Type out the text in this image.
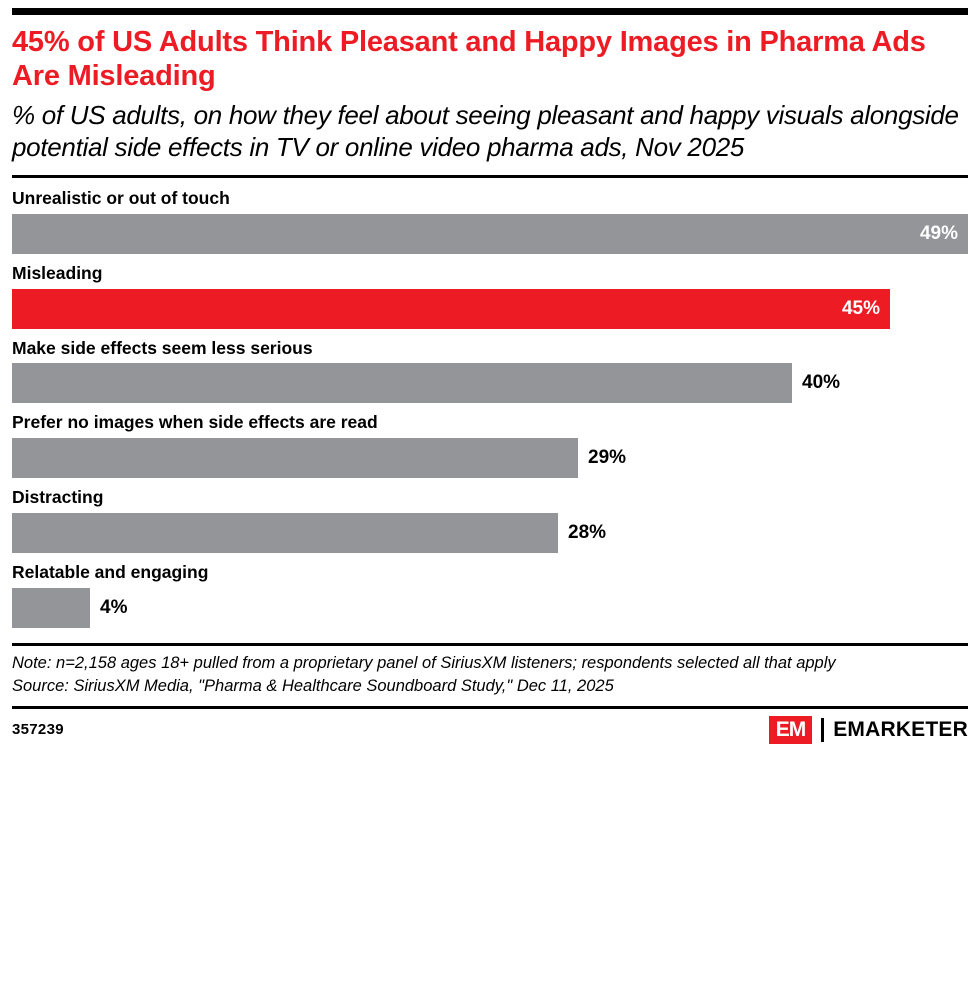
45% of US Adults Think Pleasant and Happy Images in Pharma Ads Are Misleading
% of US adults, on how they feel about seeing pleasant and happy visuals alongside potential side effects in TV or online video pharma ads, Nov 2025
Unrealistic or out of touch
49%
Misleading
45%
Make side effects seem less serious
40%
Prefer no images when side effects are read
29%
Distracting
28%
Relatable and engaging
4%
Note: n=2,158 ages 18+ pulled from a proprietary panel of SiriusXM listeners; respondents selected all that apply
Source: SiriusXM Media, "Pharma & Healthcare Soundboard Study," Dec 11, 2025
357239	EM	EMARKETER
